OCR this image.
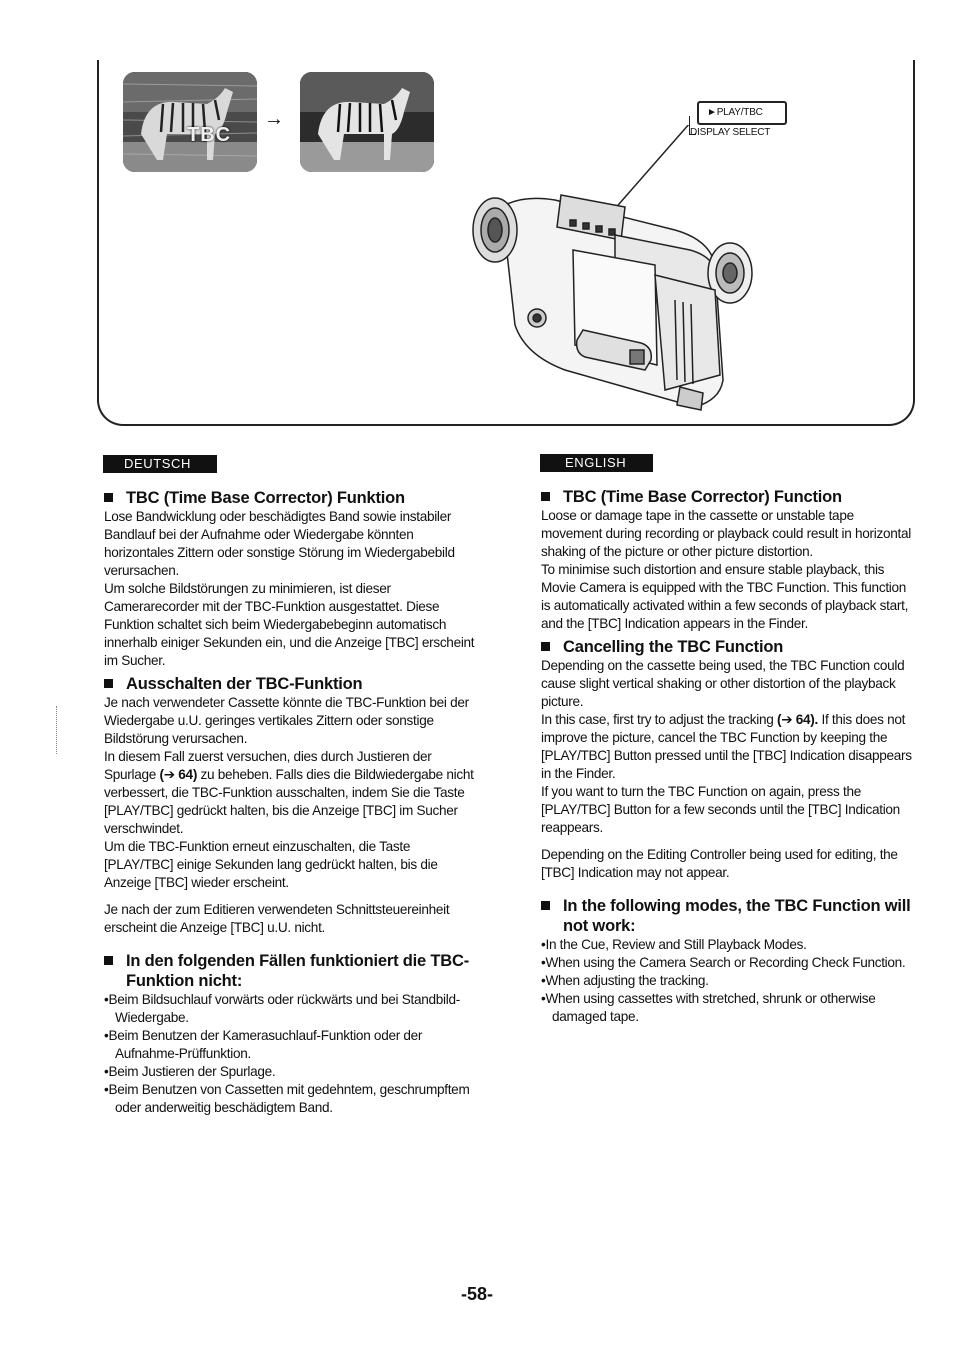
TBC
→	►PLAY/TBC
DISPLAY SELECT
DEUTSCH	ENGLISH
TBC (Time Base Corrector) Funktion

Lose Bandwicklung oder beschädigtes Band sowie instabiler Bandlauf bei der Aufnahme oder Wiedergabe könnten horizontales Zittern oder sonstige Störung im Wiedergabebild verursachen.

Um solche Bildstörungen zu minimieren, ist dieser Camerarecorder mit der TBC-Funktion ausgestattet. Diese Funktion schaltet sich beim Wiedergabebeginn automatisch innerhalb einiger Sekunden ein, und die Anzeige [TBC] erscheint im Sucher.

Ausschalten der TBC-Funktion

Je nach verwendeter Cassette könnte die TBC-Funktion bei der Wiedergabe u.U. geringes vertikales Zittern oder sonstige Bildstörung verursachen.

In diesem Fall zuerst versuchen, dies durch Justieren der Spurlage (➔ 64) zu beheben. Falls dies die Bildwiedergabe nicht verbessert, die TBC-Funktion ausschalten, indem Sie die Taste [PLAY/TBC] gedrückt halten, bis die Anzeige [TBC] im Sucher verschwindet.

Um die TBC-Funktion erneut einzuschalten, die Taste [PLAY/TBC] einige Sekunden lang gedrückt halten, bis die Anzeige [TBC] wieder erscheint.

Je nach der zum Editieren verwendeten Schnittsteuereinheit erscheint die Anzeige [TBC] u.U. nicht.

In den folgenden Fällen funktioniert die TBC-Funktion nicht:
• Beim Bildsuchlauf vorwärts oder rückwärts und bei Standbild-Wiedergabe.
• Beim Benutzen der Kamerasuchlauf-Funktion oder der Aufnahme-Prüffunktion.
• Beim Justieren der Spurlage.
• Beim Benutzen von Cassetten mit gedehntem, geschrumpftem oder anderweitig beschädigtem Band.
TBC (Time Base Corrector) Function

Loose or damage tape in the cassette or unstable tape movement during recording or playback could result in horizontal shaking of the picture or other picture distortion.

To minimise such distortion and ensure stable playback, this Movie Camera is equipped with the TBC Function. This function is automatically activated within a few seconds of playback start, and the [TBC] Indication appears in the Finder.

Cancelling the TBC Function

Depending on the cassette being used, the TBC Function could cause slight vertical shaking or other distortion of the playback picture.

In this case, first try to adjust the tracking (➔ 64). If this does not improve the picture, cancel the TBC Function by keeping the [PLAY/TBC] Button pressed until the [TBC] Indication disappears in the Finder.

If you want to turn the TBC Function on again, press the [PLAY/TBC] Button for a few seconds until the [TBC] Indication reappears.

Depending on the Editing Controller being used for editing, the [TBC] Indication may not appear.

In the following modes, the TBC Function will not work:
• In the Cue, Review and Still Playback Modes.
• When using the Camera Search or Recording Check Function.
• When adjusting the tracking.
• When using cassettes with stretched, shrunk or otherwise damaged tape.
-58-
